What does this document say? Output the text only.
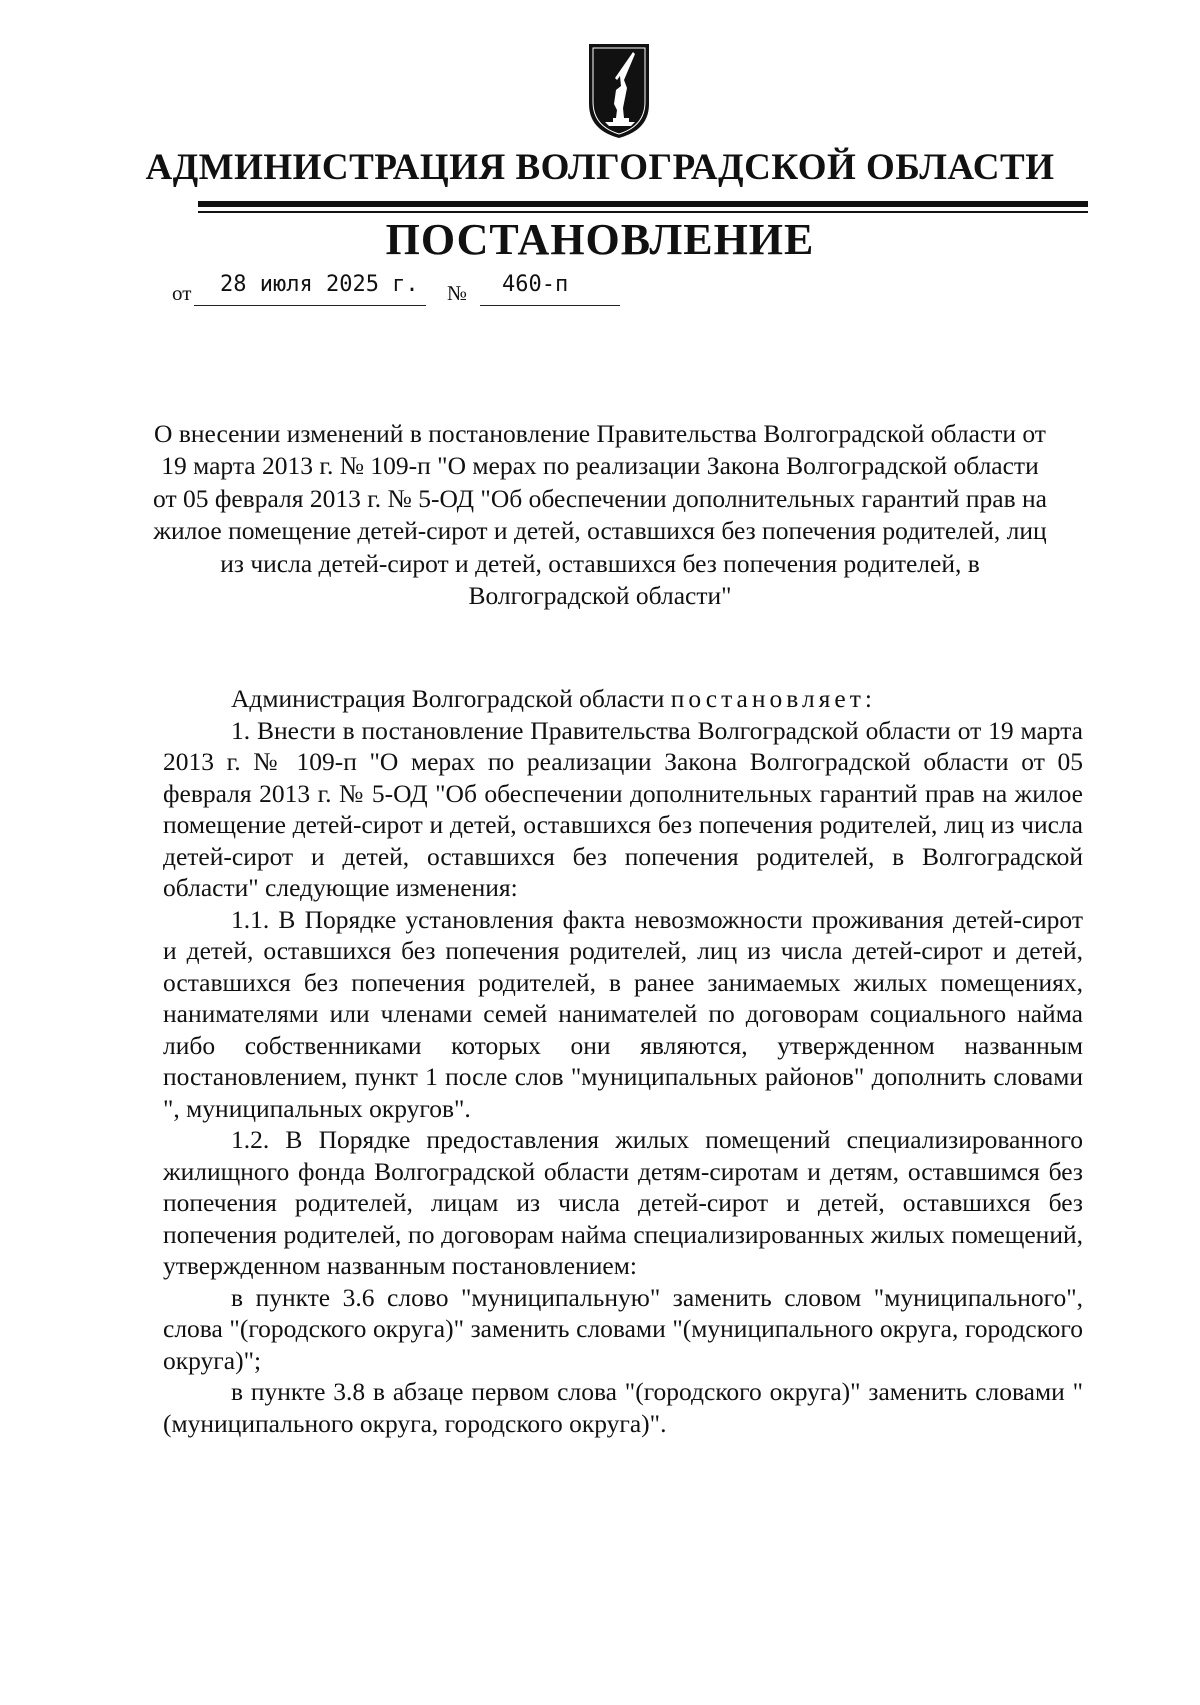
АДМИНИСТРАЦИЯ ВОЛГОГРАДСКОЙ ОБЛАСТИ
ПОСТАНОВЛЕНИЕ
от 28 июля 2025 г. № 460-п
О внесении изменений в постановление Правительства Волгоградской области от 19 марта 2013 г. № 109-п "О мерах по реализации Закона Волгоградской области от 05 февраля 2013 г. № 5-ОД "Об обеспечении дополнительных гарантий прав на жилое помещение детей-сирот и детей, оставшихся без попечения родителей, лиц из числа детей-сирот и детей, оставшихся без попечения родителей, в Волгоградской области"

Администрация Волгоградской области постановляет:

1. Внести в постановление Правительства Волгоградской области от 19 марта 2013 г. № 109-п "О мерах по реализации Закона Волгоградской области от 05 февраля 2013 г. № 5-ОД "Об обеспечении дополнительных гарантий прав на жилое помещение детей-сирот и детей, оставшихся без попечения родителей, лиц из числа детей-сирот и детей, оставшихся без попечения родителей, в Волгоградской области" следующие изменения:

1.1. В Порядке установления факта невозможности проживания детей-сирот и детей, оставшихся без попечения родителей, лиц из числа детей-сирот и детей, оставшихся без попечения родителей, в ранее занимаемых жилых помещениях, нанимателями или членами семей нанимателей по договорам социального найма либо собственниками которых они являются, утвержденном названным постановлением, пункт 1 после слов "муниципальных районов" дополнить словами ", муниципальных округов".

1.2. В Порядке предоставления жилых помещений специализированного жилищного фонда Волгоградской области детям-сиротам и детям, оставшимся без попечения родителей, лицам из числа детей-сирот и детей, оставшихся без попечения родителей, по договорам найма специализированных жилых помещений, утвержденном названным постановлением:

в пункте 3.6 слово "муниципальную" заменить словом "муниципального", слова "(городского округа)" заменить словами "(муниципального округа, городского округа)";

в пункте 3.8 в абзаце первом слова "(городского округа)" заменить словами "(муниципального округа, городского округа)".
